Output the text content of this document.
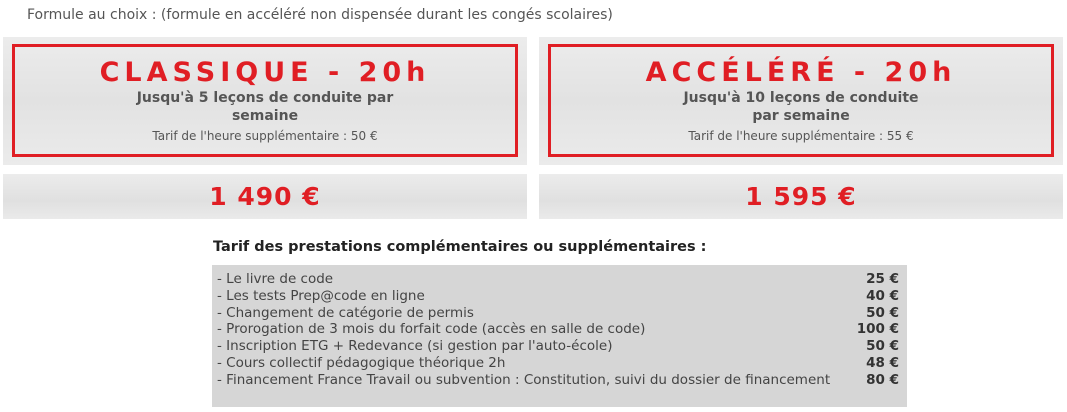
Formule au choix : (formule en accéléré non dispensée durant les congés scolaires)
CLASSIQUE - 20h
Jusqu'à 5 leçons de conduite par semaine
Tarif de l'heure supplémentaire : 50 €
ACCÉLÉRÉ - 20h
Jusqu'à 10 leçons de conduite par semaine
Tarif de l'heure supplémentaire : 55 €
1 490 €	1 595 €
Tarif des prestations complémentaires ou supplémentaires :
- Le livre de code	25 €
- Les tests Prep@code en ligne	40 €
- Changement de catégorie de permis	50 €
- Prorogation de 3 mois du forfait code (accès en salle de code)	100 €
- Inscription ETG + Redevance (si gestion par l'auto-école)	50 €
- Cours collectif pédagogique théorique 2h	48 €
- Financement France Travail ou subvention : Constitution, suivi du dossier de financement	80 €
